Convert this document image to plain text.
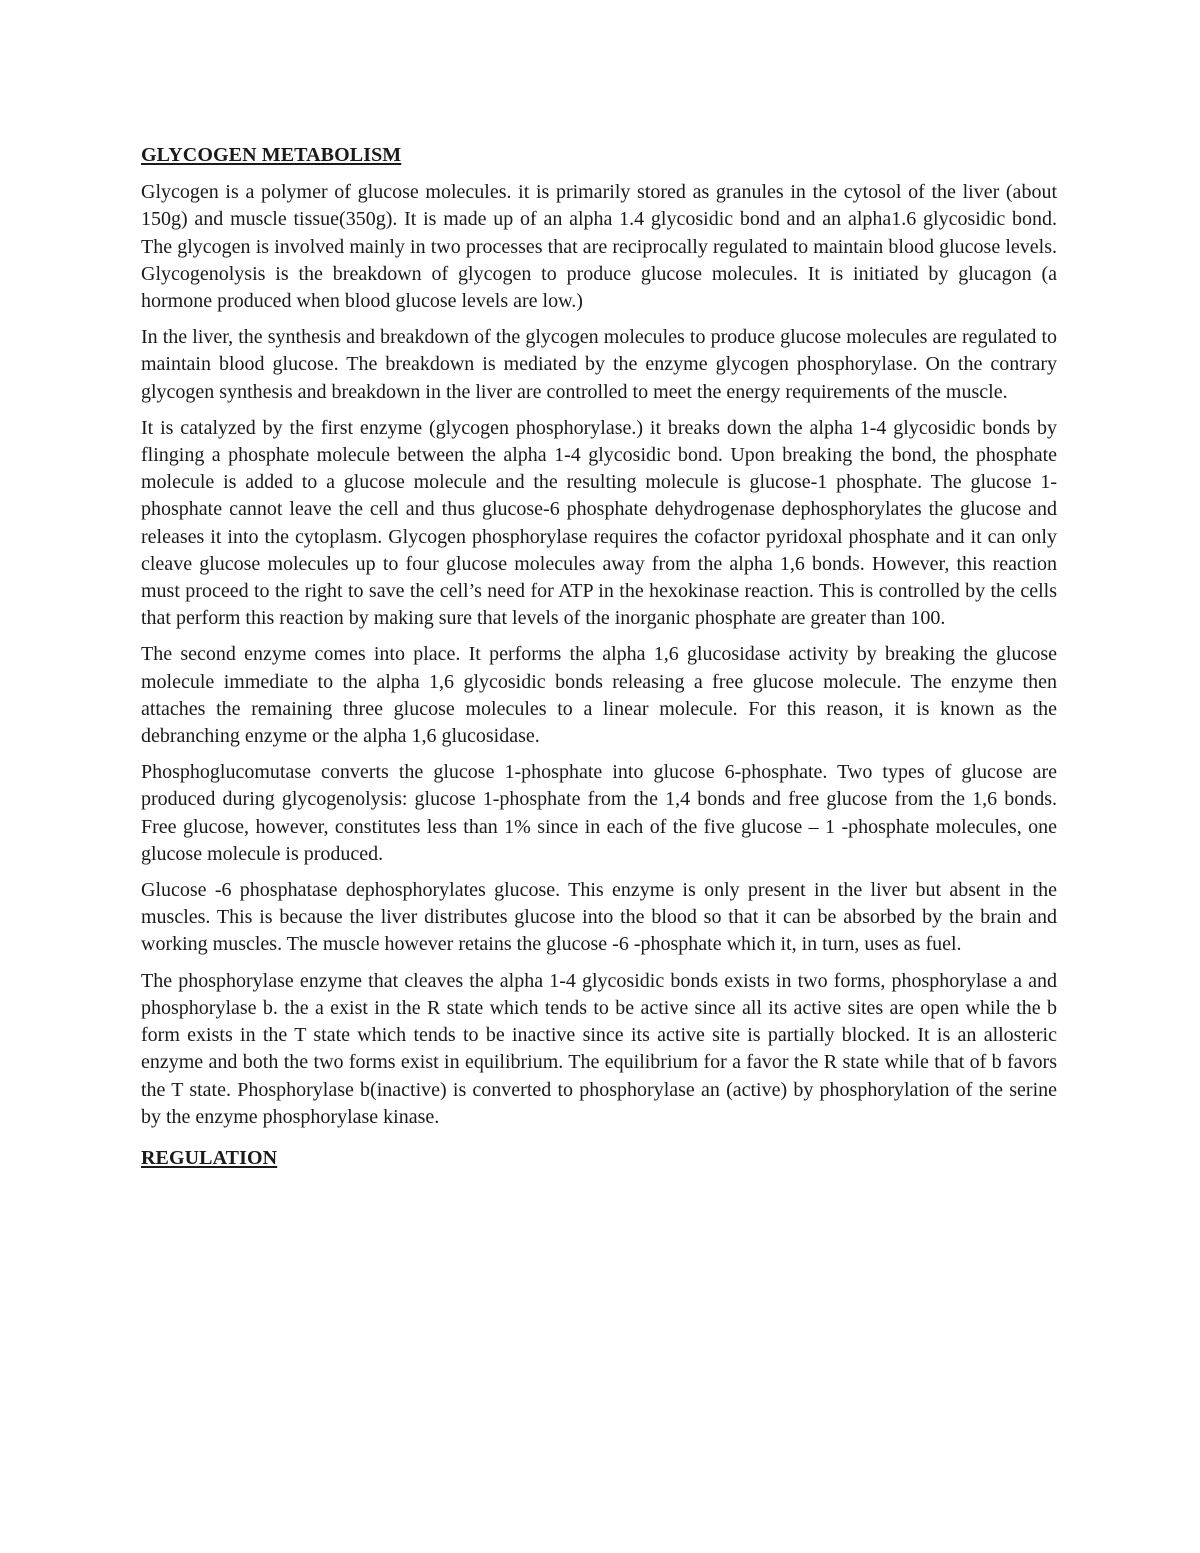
GLYCOGEN METABOLISM

Glycogen is a polymer of glucose molecules. it is primarily stored as granules in the cytosol of the liver (about 150g) and muscle tissue(350g). It is made up of an alpha 1.4 glycosidic bond and an alpha1.6 glycosidic bond. The glycogen is involved mainly in two processes that are reciprocally regulated to maintain blood glucose levels. Glycogenolysis is the breakdown of glycogen to produce glucose molecules. It is initiated by glucagon (a hormone produced when blood glucose levels are low.)

In the liver, the synthesis and breakdown of the glycogen molecules to produce glucose molecules are regulated to maintain blood glucose. The breakdown is mediated by the enzyme glycogen phosphorylase. On the contrary glycogen synthesis and breakdown in the liver are controlled to meet the energy requirements of the muscle.

It is catalyzed by the first enzyme (glycogen phosphorylase.) it breaks down the alpha 1-4 glycosidic bonds by flinging a phosphate molecule between the alpha 1-4 glycosidic bond. Upon breaking the bond, the phosphate molecule is added to a glucose molecule and the resulting molecule is glucose-1 phosphate. The glucose 1-phosphate cannot leave the cell and thus glucose-6 phosphate dehydrogenase dephosphorylates the glucose and releases it into the cytoplasm. Glycogen phosphorylase requires the cofactor pyridoxal phosphate and it can only cleave glucose molecules up to four glucose molecules away from the alpha 1,6 bonds. However, this reaction must proceed to the right to save the cell’s need for ATP in the hexokinase reaction. This is controlled by the cells that perform this reaction by making sure that levels of the inorganic phosphate are greater than 100.

The second enzyme comes into place. It performs the alpha 1,6 glucosidase activity by breaking the glucose molecule immediate to the alpha 1,6 glycosidic bonds releasing a free glucose molecule. The enzyme then attaches the remaining three glucose molecules to a linear molecule. For this reason, it is known as the debranching enzyme or the alpha 1,6 glucosidase.

Phosphoglucomutase converts the glucose 1-phosphate into glucose 6-phosphate. Two types of glucose are produced during glycogenolysis: glucose 1-phosphate from the 1,4 bonds and free glucose from the 1,6 bonds. Free glucose, however, constitutes less than 1% since in each of the five glucose – 1 -phosphate molecules, one glucose molecule is produced.

Glucose -6 phosphatase dephosphorylates glucose. This enzyme is only present in the liver but absent in the muscles. This is because the liver distributes glucose into the blood so that it can be absorbed by the brain and working muscles. The muscle however retains the glucose -6 -phosphate which it, in turn, uses as fuel.

The phosphorylase enzyme that cleaves the alpha 1-4 glycosidic bonds exists in two forms, phosphorylase a and phosphorylase b. the a exist in the R state which tends to be active since all its active sites are open while the b form exists in the T state which tends to be inactive since its active site is partially blocked. It is an allosteric enzyme and both the two forms exist in equilibrium. The equilibrium for a favor the R state while that of b favors the T state. Phosphorylase b(inactive) is converted to phosphorylase an (active) by phosphorylation of the serine by the enzyme phosphorylase kinase.

REGULATION
